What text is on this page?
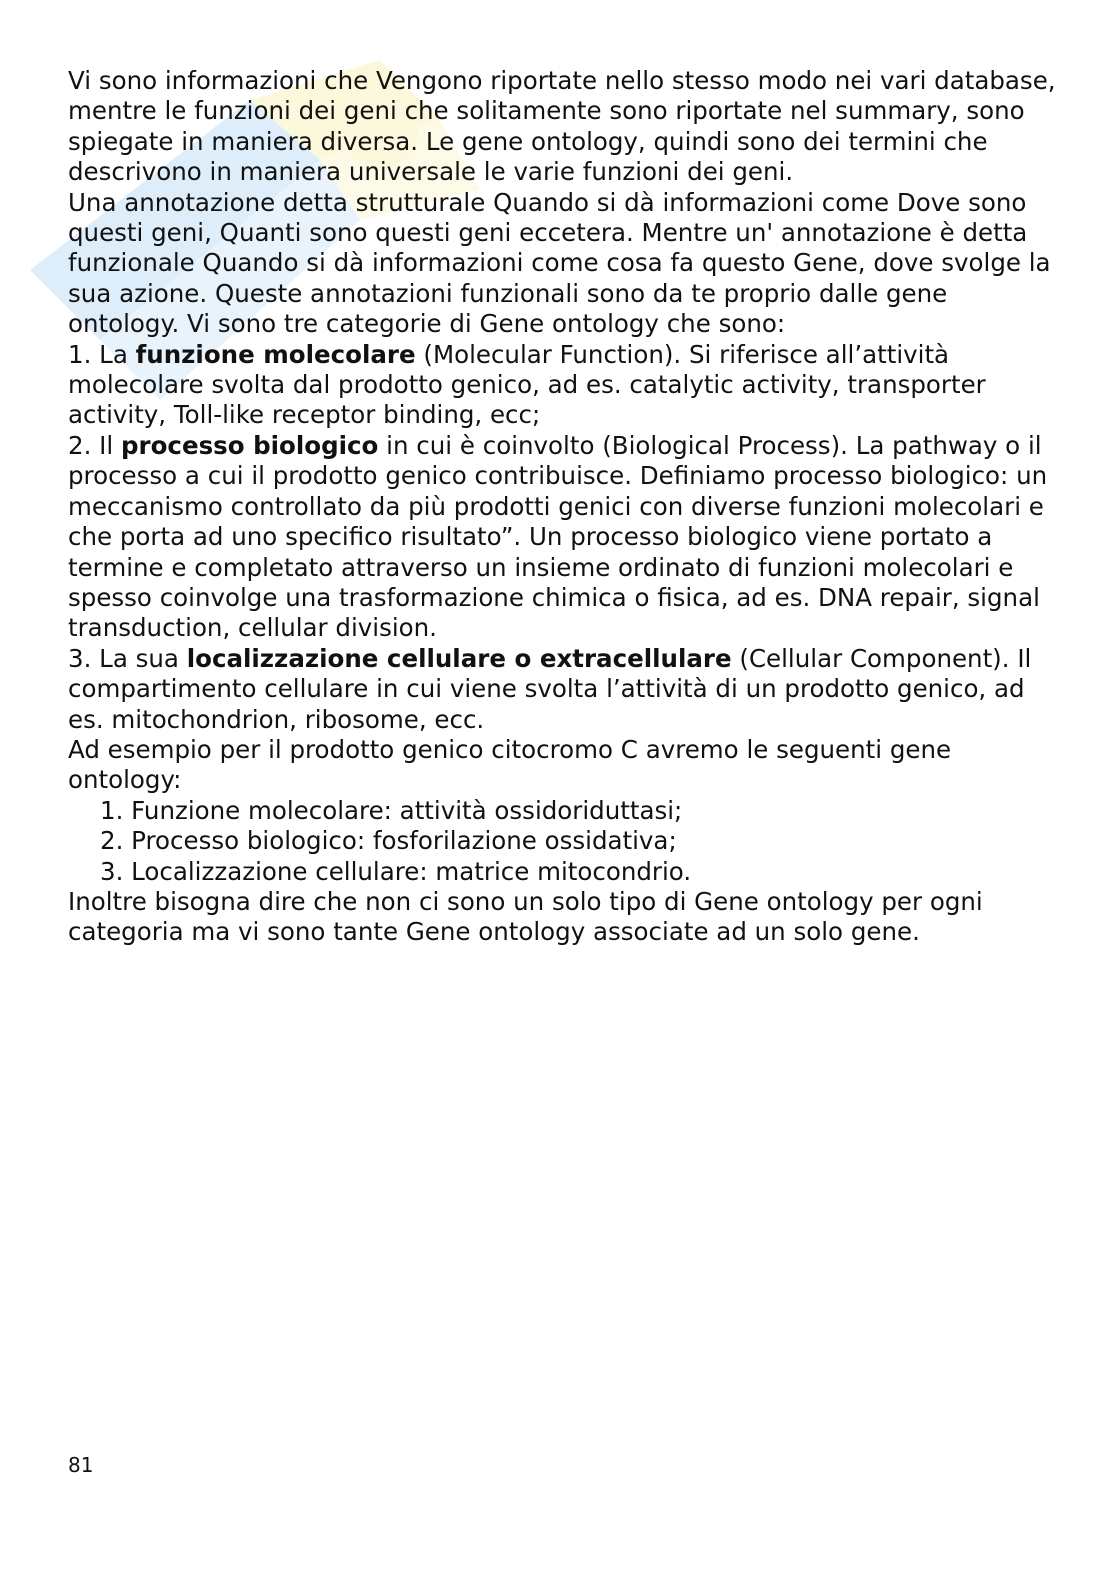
Vi sono informazioni che Vengono riportate nello stesso modo nei vari database, mentre le funzioni dei geni che solitamente sono riportate nel summary, sono spiegate in maniera diversa. Le gene ontology, quindi sono dei termini che descrivono in maniera universale le varie funzioni dei geni.

Una annotazione detta strutturale Quando si dà informazioni come Dove sono questi geni, Quanti sono questi geni eccetera. Mentre un' annotazione è detta funzionale Quando si dà informazioni come cosa fa questo Gene, dove svolge la sua azione. Queste annotazioni funzionali sono da te proprio dalle gene ontology. Vi sono tre categorie di Gene ontology che sono:

1. La funzione molecolare (Molecular Function). Si riferisce all’attività molecolare svolta dal prodotto genico, ad es. catalytic activity, transporter activity, Toll-like receptor binding, ecc;

2. Il processo biologico in cui è coinvolto (Biological Process). La pathway o il processo a cui il prodotto genico contribuisce. Definiamo processo biologico: un meccanismo controllato da più prodotti genici con diverse funzioni molecolari e che porta ad uno specifico risultato”. Un processo biologico viene portato a termine e completato attraverso un insieme ordinato di funzioni molecolari e spesso coinvolge una trasformazione chimica o fisica, ad es. DNA repair, signal transduction, cellular division.

3. La sua localizzazione cellulare o extracellulare (Cellular Component). Il compartimento cellulare in cui viene svolta l’attività di un prodotto genico, ad es. mitochondrion, ribosome, ecc.

Ad esempio per il prodotto genico citocromo C avremo le seguenti gene ontology:

1. Funzione molecolare: attività ossidoriduttasi;
2. Processo biologico: fosforilazione ossidativa;
3. Localizzazione cellulare: matrice mitocondrio.

Inoltre bisogna dire che non ci sono un solo tipo di Gene ontology per ogni categoria ma vi sono tante Gene ontology associate ad un solo gene.

81
